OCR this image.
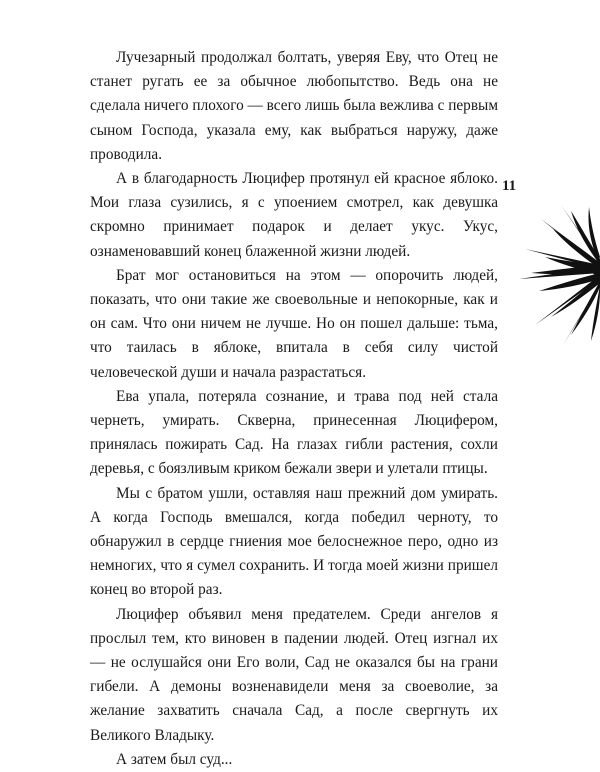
Лучезарный продолжал болтать, уверяя Еву, что Отец не станет ругать ее за обычное любопытство. Ведь она не сделала ничего плохого — всего лишь была вежлива с первым сыном Господа, указала ему, как выбраться наружу, даже проводила.

А в благодарность Люцифер протянул ей красное яблоко. Мои глаза сузились, я с упоением смотрел, как девушка скромно принимает подарок и делает укус. Укус, ознаменовавший конец блаженной жизни людей.

Брат мог остановиться на этом — опорочить людей, показать, что они такие же своевольные и непокорные, как и он сам. Что они ничем не лучше. Но он пошел дальше: тьма, что таилась в яблоке, впитала в себя силу чистой человеческой души и начала разрастаться.

Ева упала, потеряла сознание, и трава под ней стала чернеть, умирать. Скверна, принесенная Люцифером, принялась пожирать Сад. На глазах гибли растения, сохли деревья, с боязливым криком бежали звери и улетали птицы.

Мы с братом ушли, оставляя наш прежний дом умирать. А когда Господь вмешался, когда победил черноту, то обнаружил в сердце гниения мое белоснежное перо, одно из немногих, что я сумел сохранить. И тогда моей жизни пришел конец во второй раз.

Люцифер объявил меня предателем. Среди ангелов я прослыл тем, кто виновен в падении людей. Отец изгнал их — не ослушайся они Его воли, Сад не оказался бы на грани гибели. А демоны возненавидели меня за своеволие, за желание захватить сначала Сад, а после свергнуть их Великого Владыку.

А затем был суд...

11
